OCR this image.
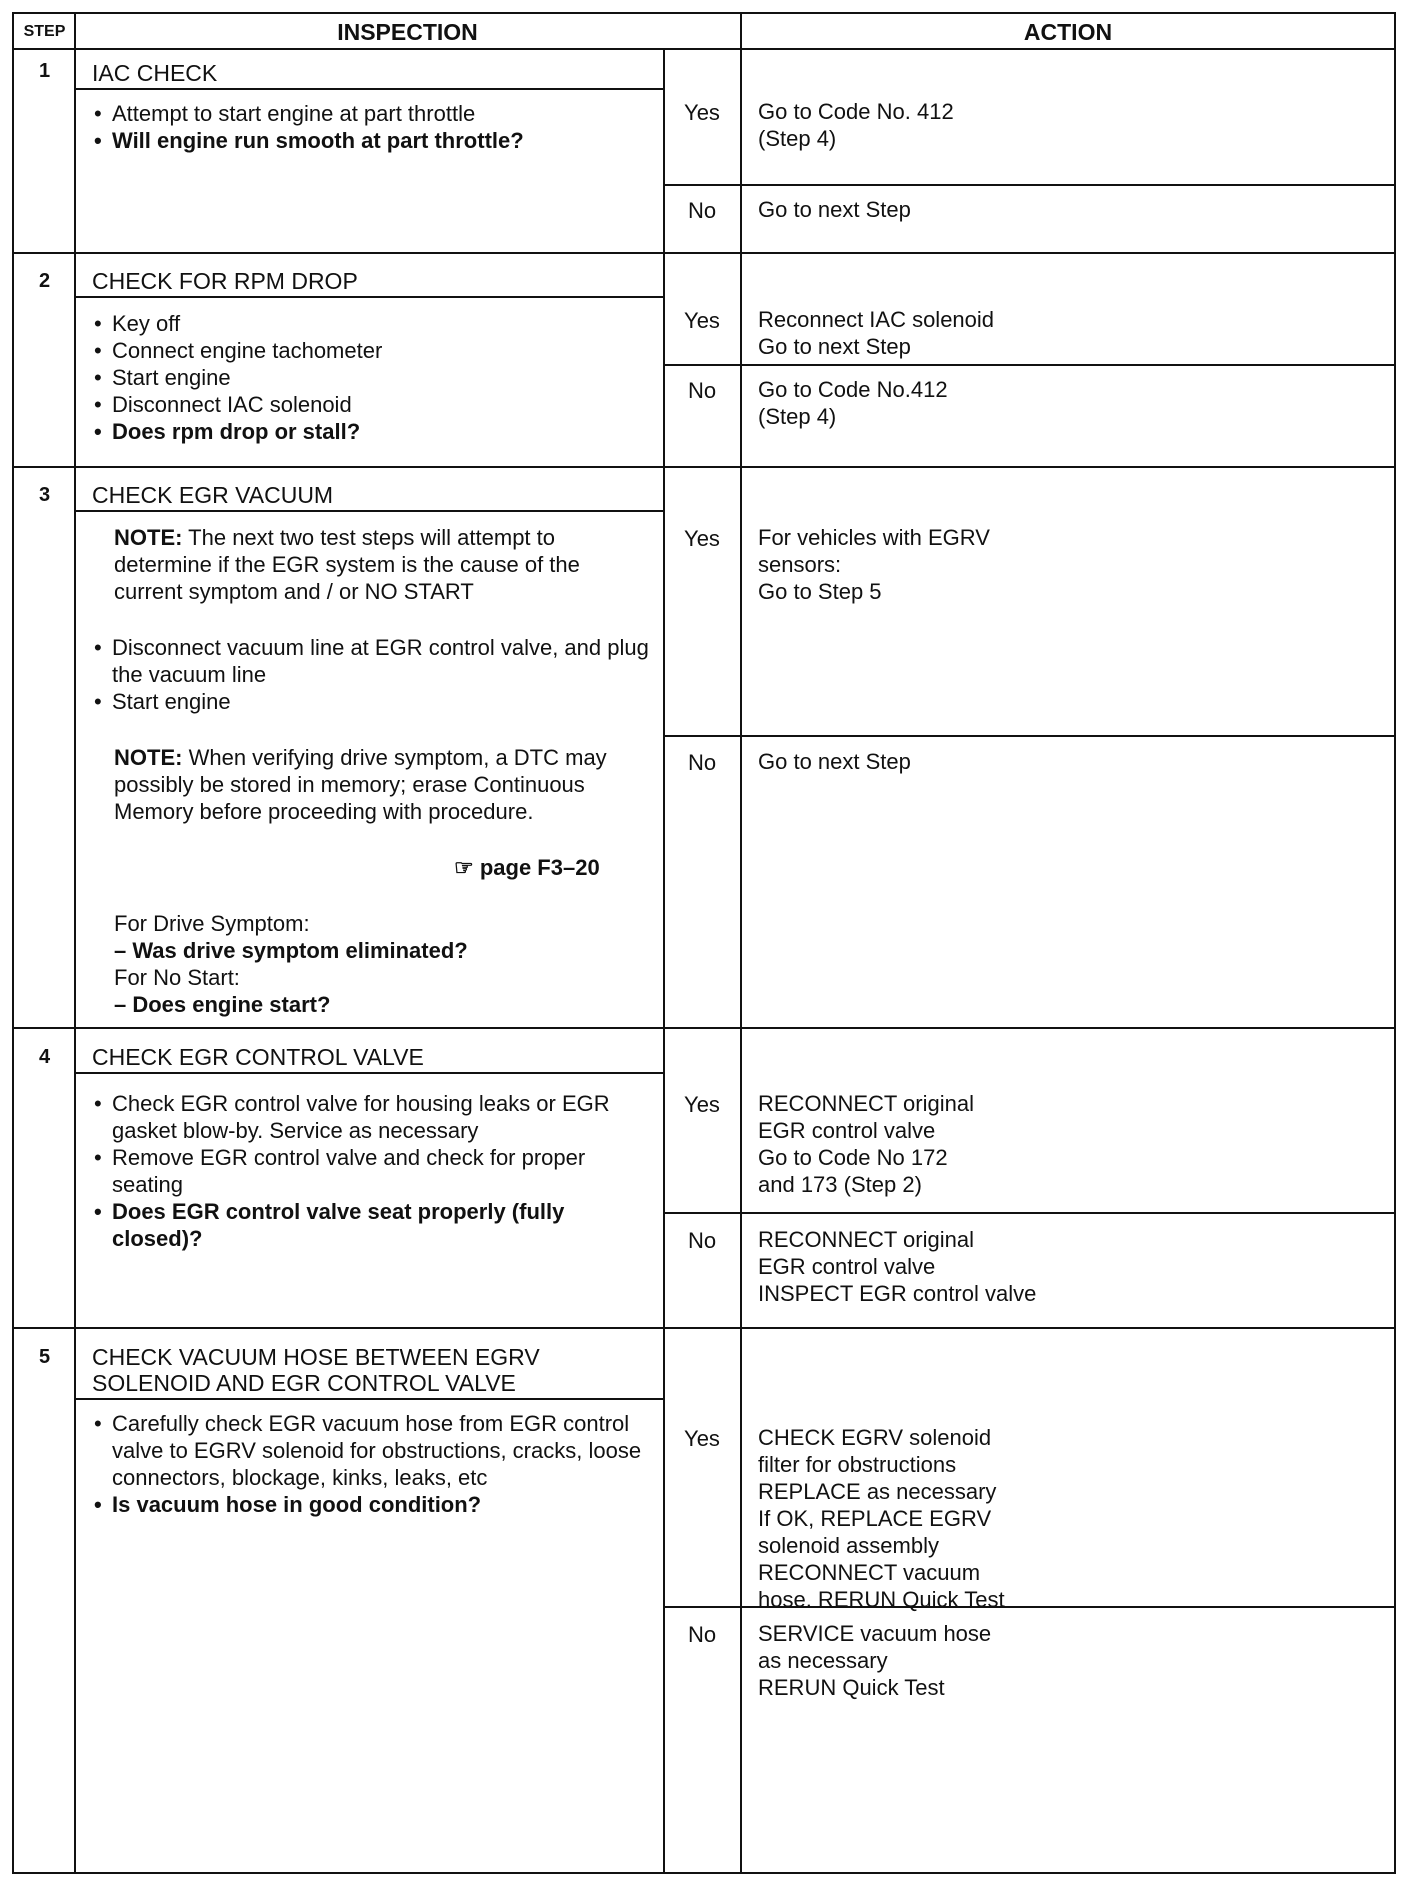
STEP	INSPECTION	ACTION
1	IAC CHECK
• Attempt to start engine at part throttle
• Will engine run smooth at part throttle?
Yes	Go to Code No. 412
(Step 4)
No	Go to next Step
2	CHECK FOR RPM DROP
• Key off
• Connect engine tachometer
• Start engine
• Disconnect IAC solenoid
• Does rpm drop or stall?
Yes	Reconnect IAC solenoid
Go to next Step
No	Go to Code No.412
(Step 4)
3	CHECK EGR VACUUM
NOTE: The next two test steps will attempt to determine if the EGR system is the cause of the current symptom and / or NO START
• Disconnect vacuum line at EGR control valve, and plug the vacuum line
• Start engine
NOTE: When verifying drive symptom, a DTC may possibly be stored in memory; erase Continuous Memory before proceeding with procedure.
☞ page F3–20
For Drive Symptom:
– Was drive symptom eliminated?
For No Start:
– Does engine start?
Yes	For vehicles with EGRV
sensors:
Go to Step 5
No	Go to next Step
4	CHECK EGR CONTROL VALVE
• Check EGR control valve for housing leaks or EGR gasket blow-by. Service as necessary
• Remove EGR control valve and check for proper seating
• Does EGR control valve seat properly (fully closed)?
Yes	RECONNECT original
EGR control valve
Go to Code No 172
and 173 (Step 2)
No	RECONNECT original
EGR control valve
INSPECT EGR control valve
5	CHECK VACUUM HOSE BETWEEN EGRV
SOLENOID AND EGR CONTROL VALVE
• Carefully check EGR vacuum hose from EGR control valve to EGRV solenoid for obstructions, cracks, loose connectors, blockage, kinks, leaks, etc
• Is vacuum hose in good condition?
Yes	CHECK EGRV solenoid
filter for obstructions
REPLACE as necessary
If OK, REPLACE EGRV
solenoid assembly
RECONNECT vacuum
hose. RERUN Quick Test
No	SERVICE vacuum hose
as necessary
RERUN Quick Test
